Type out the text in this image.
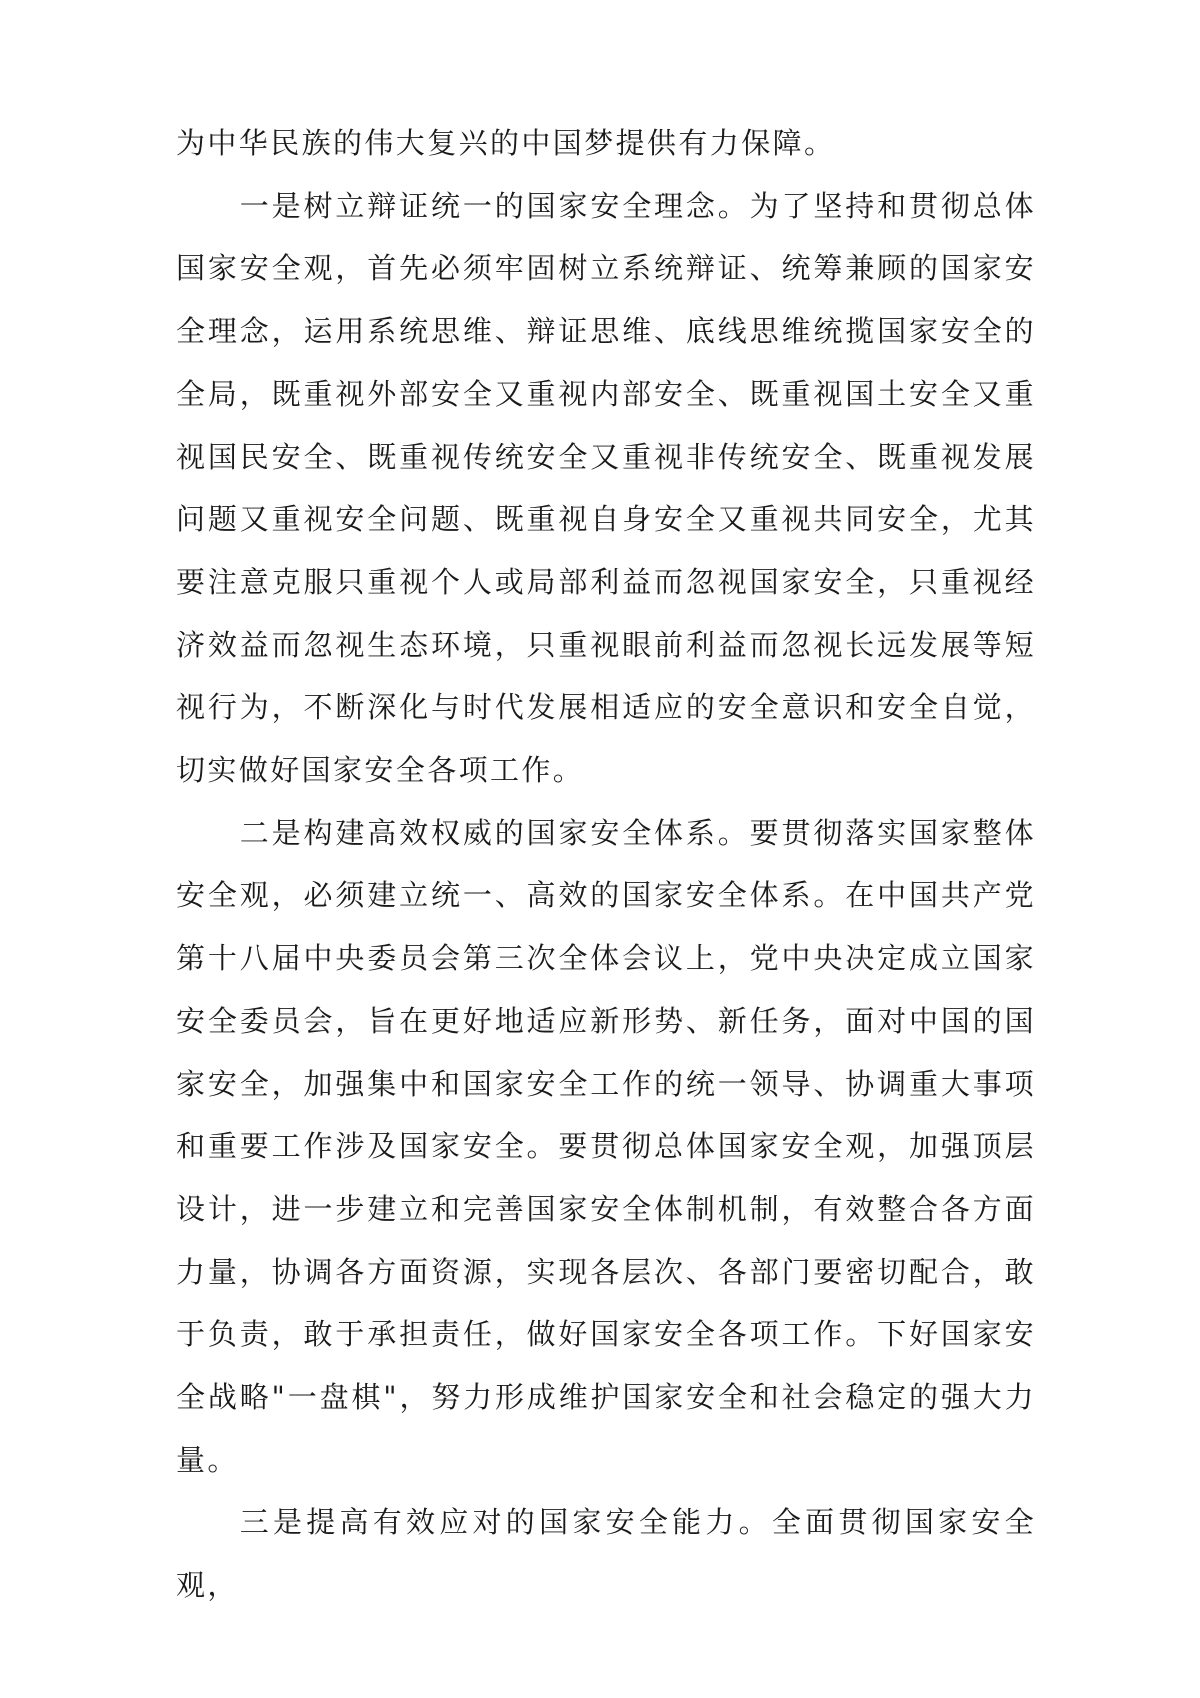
为中华民族的伟大复兴的中国梦提供有力保障。

一是树立辩证统一的国家安全理念。为了坚持和贯彻总体国家安全观，首先必须牢固树立系统辩证、统筹兼顾的国家安全理念，运用系统思维、辩证思维、底线思维统揽国家安全的全局，既重视外部安全又重视内部安全、既重视国土安全又重视国民安全、既重视传统安全又重视非传统安全、既重视发展问题又重视安全问题、既重视自身安全又重视共同安全，尤其要注意克服只重视个人或局部利益而忽视国家安全，只重视经济效益而忽视生态环境，只重视眼前利益而忽视长远发展等短视行为，不断深化与时代发展相适应的安全意识和安全自觉，切实做好国家安全各项工作。

二是构建高效权威的国家安全体系。要贯彻落实国家整体安全观，必须建立统一、高效的国家安全体系。在中国共产党第十八届中央委员会第三次全体会议上，党中央决定成立国家安全委员会，旨在更好地适应新形势、新任务，面对中国的国家安全，加强集中和国家安全工作的统一领导、协调重大事项和重要工作涉及国家安全。要贯彻总体国家安全观，加强顶层设计，进一步建立和完善国家安全体制机制，有效整合各方面力量，协调各方面资源，实现各层次、各部门要密切配合，敢于负责，敢于承担责任，做好国家安全各项工作。下好国家安全战略"一盘棋"，努力形成维护国家安全和社会稳定的强大力量。

三是提高有效应对的国家安全能力。全面贯彻国家安全观，
